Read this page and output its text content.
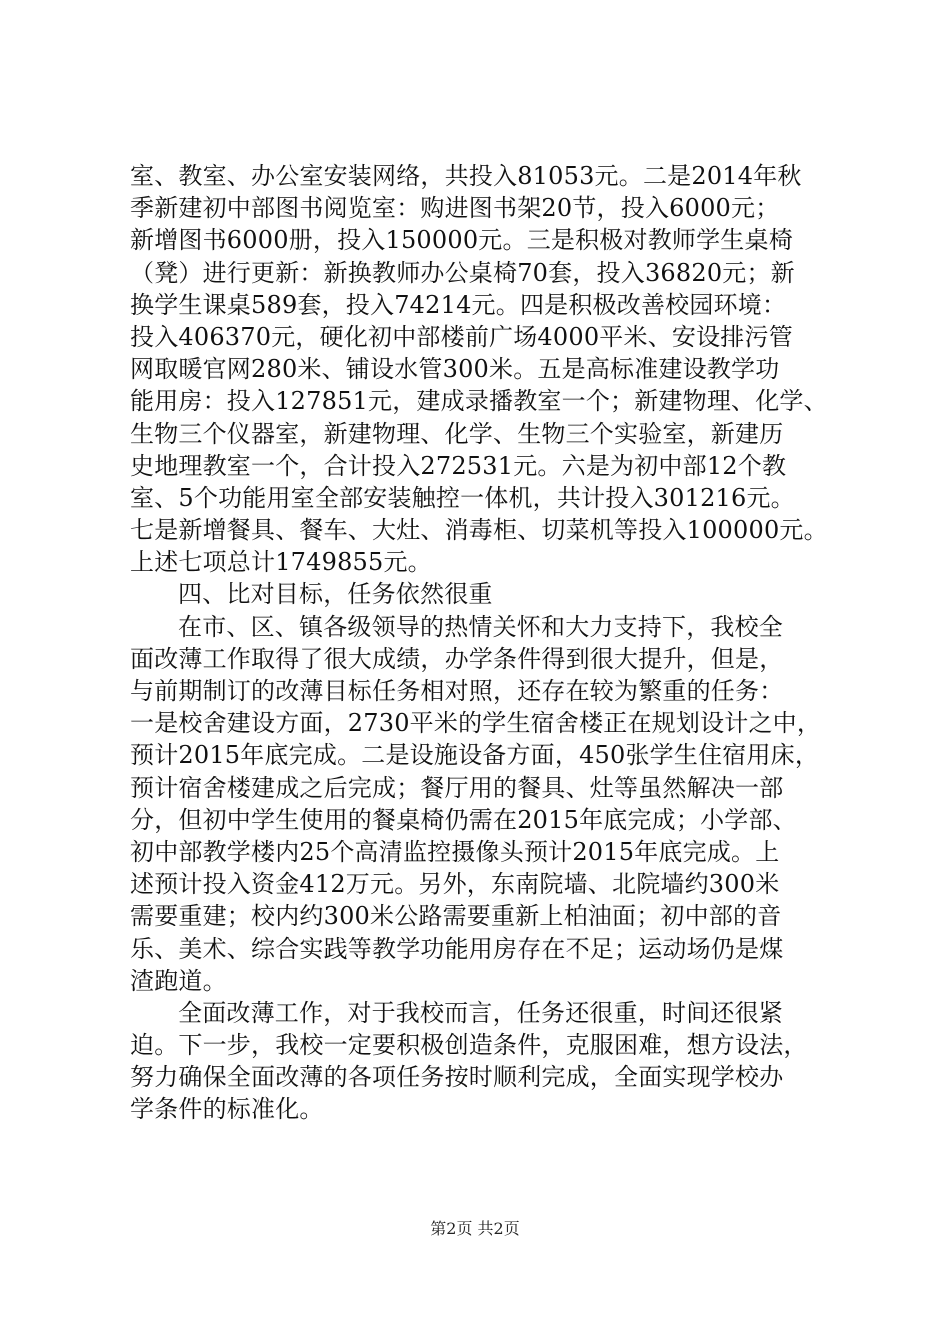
室、教室、办公室安装网络，共投入81053元。二是2014年秋
季新建初中部图书阅览室：购进图书架20节，投入6000元；
新增图书6000册，投入150000元。三是积极对教师学生桌椅
（凳）进行更新：新换教师办公桌椅70套，投入36820元；新
换学生课桌589套，投入74214元。四是积极改善校园环境：
投入406370元，硬化初中部楼前广场4000平米、安设排污管
网取暖官网280米、铺设水管300米。五是高标准建设教学功
能用房：投入127851元，建成录播教室一个；新建物理、化学、
生物三个仪器室，新建物理、化学、生物三个实验室，新建历
史地理教室一个，合计投入272531元。六是为初中部12个教
室、5个功能用室全部安装触控一体机，共计投入301216元。
七是新增餐具、餐车、大灶、消毒柜、切菜机等投入100000元。
上述七项总计1749855元。
四、比对目标，任务依然很重
在市、区、镇各级领导的热情关怀和大力支持下，我校全
面改薄工作取得了很大成绩，办学条件得到很大提升，但是，
与前期制订的改薄目标任务相对照，还存在较为繁重的任务：
一是校舍建设方面，2730平米的学生宿舍楼正在规划设计之中，
预计2015年底完成。二是设施设备方面，450张学生住宿用床，
预计宿舍楼建成之后完成；餐厅用的餐具、灶等虽然解决一部
分，但初中学生使用的餐桌椅仍需在2015年底完成；小学部、
初中部教学楼内25个高清监控摄像头预计2015年底完成。上
述预计投入资金412万元。另外，东南院墙、北院墙约300米
需要重建；校内约300米公路需要重新上柏油面；初中部的音
乐、美术、综合实践等教学功能用房存在不足；运动场仍是煤
渣跑道。
全面改薄工作，对于我校而言，任务还很重，时间还很紧
迫。下一步，我校一定要积极创造条件，克服困难，想方设法，
努力确保全面改薄的各项任务按时顺利完成，全面实现学校办
学条件的标准化。
第2页 共2页
